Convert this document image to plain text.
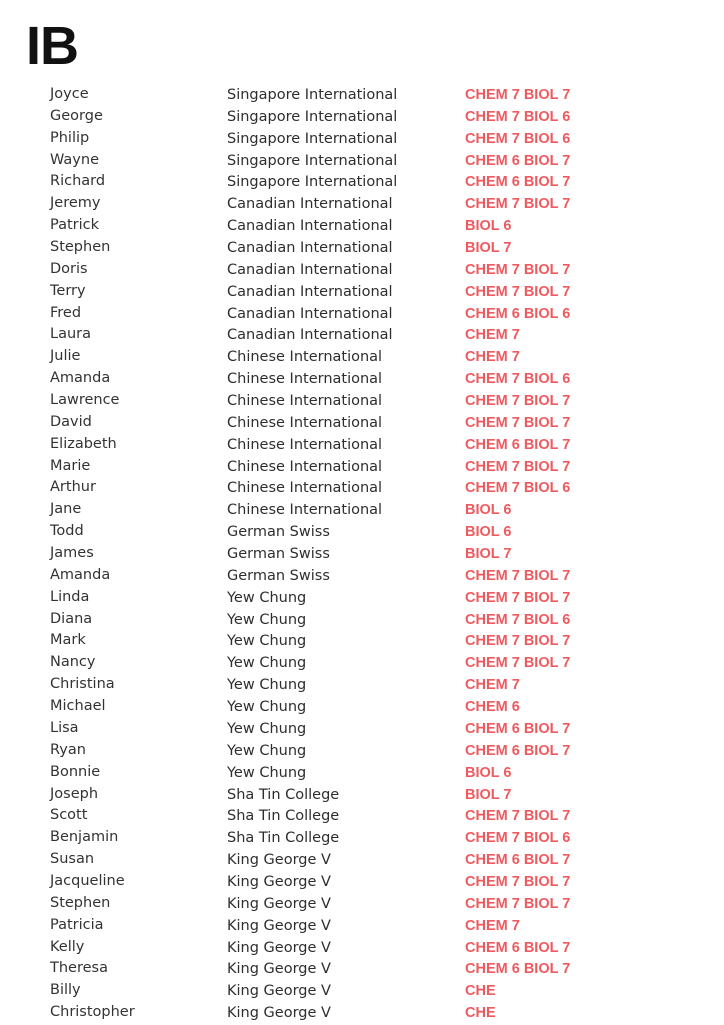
IB
Joyce	Singapore International	CHEM 7 BIOL 7
George	Singapore International	CHEM 7 BIOL 6
Philip	Singapore International	CHEM 7 BIOL 6
Wayne	Singapore International	CHEM 6 BIOL 7
Richard	Singapore International	CHEM 6 BIOL 7
Jeremy	Canadian International	CHEM 7 BIOL 7
Patrick	Canadian International	BIOL 6
Stephen	Canadian International	BIOL 7
Doris	Canadian International	CHEM 7 BIOL 7
Terry	Canadian International	CHEM 7 BIOL 7
Fred	Canadian International	CHEM 6 BIOL 6
Laura	Canadian International	CHEM 7
Julie	Chinese International	CHEM 7
Amanda	Chinese International	CHEM 7 BIOL 6
Lawrence	Chinese International	CHEM 7 BIOL 7
David	Chinese International	CHEM 7 BIOL 7
Elizabeth	Chinese International	CHEM 6 BIOL 7
Marie	Chinese International	CHEM 7 BIOL 7
Arthur	Chinese International	CHEM 7 BIOL 6
Jane	Chinese International	BIOL 6
Todd	German Swiss	BIOL 6
James	German Swiss	BIOL 7
Amanda	German Swiss	CHEM 7 BIOL 7
Linda	Yew Chung	CHEM 7 BIOL 7
Diana	Yew Chung	CHEM 7 BIOL 6
Mark	Yew Chung	CHEM 7 BIOL 7
Nancy	Yew Chung	CHEM 7 BIOL 7
Christina	Yew Chung	CHEM 7
Michael	Yew Chung	CHEM 6
Lisa	Yew Chung	CHEM 6 BIOL 7
Ryan	Yew Chung	CHEM 6 BIOL 7
Bonnie	Yew Chung	BIOL 6
Joseph	Sha Tin College	BIOL 7
Scott	Sha Tin College	CHEM 7 BIOL 7
Benjamin	Sha Tin College	CHEM 7 BIOL 6
Susan	King George V	CHEM 6 BIOL 7
Jacqueline	King George V	CHEM 7 BIOL 7
Stephen	King George V	CHEM 7 BIOL 7
Patricia	King George V	CHEM 7
Kelly	King George V	CHEM 6 BIOL 7
Theresa	King George V	CHEM 6 BIOL 7
Billy	King George V	CHE
Christopher	King George V	CHE
